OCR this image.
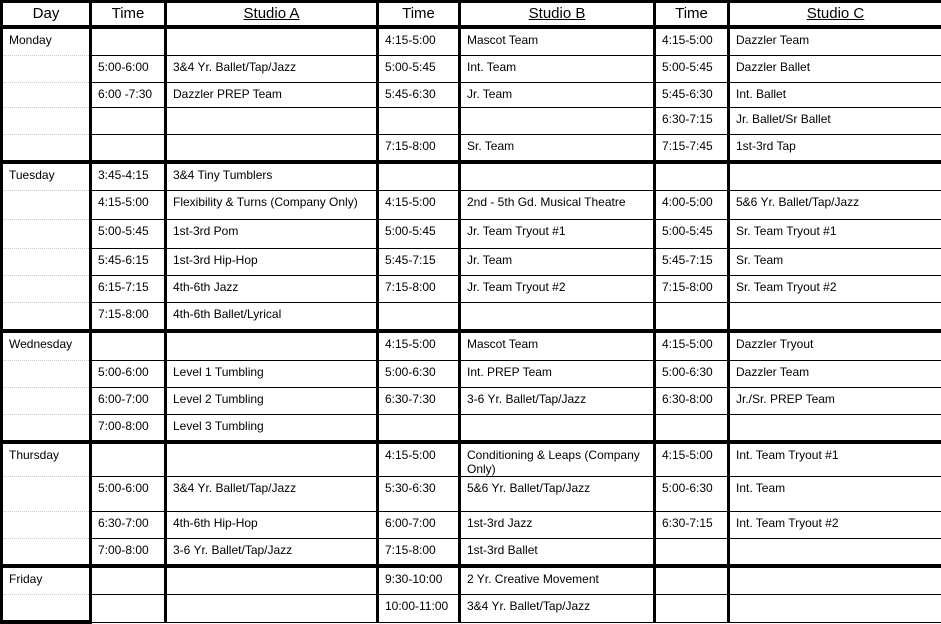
Day	Time	Studio A	Time	Studio B	Time	Studio C
Monday			4:15-5:00	Mascot Team	4:15-5:00	Dazzler Team
	5:00-6:00	3&4 Yr. Ballet/Tap/Jazz	5:00-5:45	Int. Team	5:00-5:45	Dazzler Ballet
	6:00 -7:30	Dazzler PREP Team	5:45-6:30	Jr. Team	5:45-6:30	Int. Ballet
					6:30-7:15	Jr. Ballet/Sr Ballet
			7:15-8:00	Sr. Team	7:15-7:45	1st-3rd Tap
Tuesday	3:45-4:15	3&4 Tiny Tumblers				
	4:15-5:00	Flexibility & Turns (Company Only)	4:15-5:00	2nd - 5th Gd. Musical Theatre	4:00-5:00	5&6 Yr. Ballet/Tap/Jazz
	5:00-5:45	1st-3rd Pom	5:00-5:45	Jr. Team Tryout #1	5:00-5:45	Sr. Team Tryout #1
	5:45-6:15	1st-3rd Hip-Hop	5:45-7:15	Jr. Team	5:45-7:15	Sr. Team
	6:15-7:15	4th-6th Jazz	7:15-8:00	Jr. Team Tryout #2	7:15-8:00	Sr. Team Tryout #2
	7:15-8:00	4th-6th Ballet/Lyrical				
Wednesday			4:15-5:00	Mascot Team	4:15-5:00	Dazzler Tryout
	5:00-6:00	Level 1 Tumbling	5:00-6:30	Int. PREP Team	5:00-6:30	Dazzler Team
	6:00-7:00	Level 2 Tumbling	6:30-7:30	3-6 Yr. Ballet/Tap/Jazz	6:30-8:00	Jr./Sr. PREP Team
	7:00-8:00	Level 3 Tumbling				
Thursday			4:15-5:00	Conditioning & Leaps (Company Only)	4:15-5:00	Int. Team Tryout #1
	5:00-6:00	3&4 Yr. Ballet/Tap/Jazz	5:30-6:30	5&6 Yr. Ballet/Tap/Jazz	5:00-6:30	Int. Team
	6:30-7:00	4th-6th Hip-Hop	6:00-7:00	1st-3rd Jazz	6:30-7:15	Int. Team Tryout #2
	7:00-8:00	3-6 Yr. Ballet/Tap/Jazz	7:15-8:00	1st-3rd Ballet		
Friday			9:30-10:00	2 Yr. Creative Movement		
			10:00-11:00	3&4 Yr. Ballet/Tap/Jazz		
